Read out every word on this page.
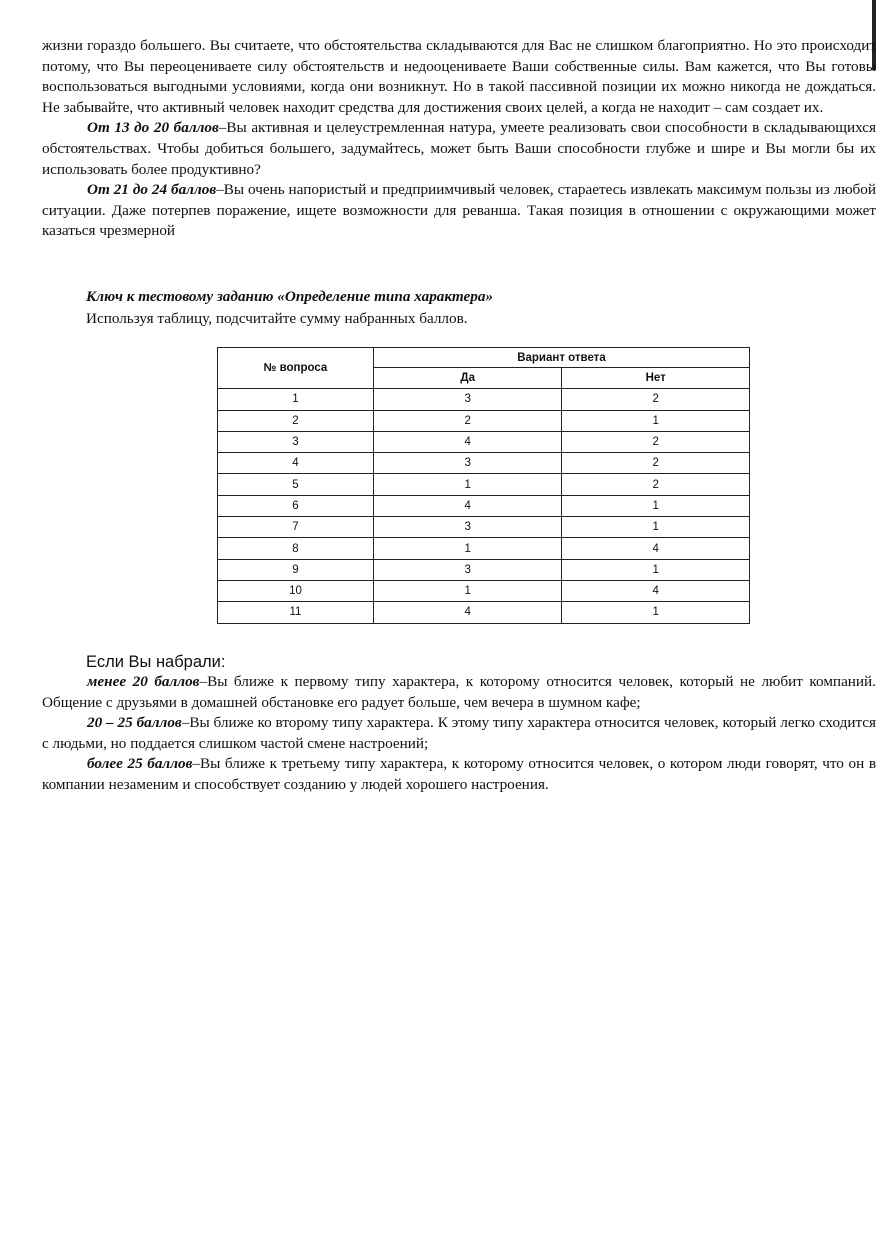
жизни гораздо большего. Вы считаете, что обстоятельства складываются для Вас не слишком благоприятно. Но это происходит потому, что Вы переоцениваете силу обстоятельств и недооцениваете Ваши собственные силы. Вам кажется, что Вы готовы воспользоваться выгодными условиями, когда они возникнут. Но в такой пассивной позиции их можно никогда не дождаться. Не забывайте, что активный человек находит средства для достижения своих целей, а когда не находит – сам создает их.

От 13 до 20 баллов–Вы активная и целеустремленная натура, умеете реализовать свои способности в складывающихся обстоятельствах. Чтобы добиться большего, задумайтесь, может быть Ваши способности глубже и шире и Вы могли бы их использовать более продуктивно?

От 21 до 24 баллов–Вы очень напористый и предприимчивый человек, стараетесь извлекать максимум пользы из любой ситуации. Даже потерпев поражение, ищете возможности для реванша. Такая позиция в отношении с окружающими может казаться чрезмерной

Ключ к тестовому заданию «Определение типа характера»
Используя таблицу, подсчитайте сумму набранных баллов.
№ вопроса	Вариант ответа	
	Да	Нет
1	3	2
2	2	1
3	4	2
4	3	2
5	1	2
6	4	1
7	3	1
8	1	4
9	3	1
10	1	4
11	4	1
Если Вы набрали:

менее 20 баллов–Вы ближе к первому типу характера, к которому относится человек, который не любит компаний. Общение с друзьями в домашней обстановке его радует больше, чем вечера в шумном кафе;

20 – 25 баллов–Вы ближе ко второму типу характера. К этому типу характера относится человек, который легко сходится с людьми, но поддается слишком частой смене настроений;

более 25 баллов–Вы ближе к третьему типу характера, к которому относится человек, о котором люди говорят, что он в компании незаменим и способствует созданию у людей хорошего настроения.
